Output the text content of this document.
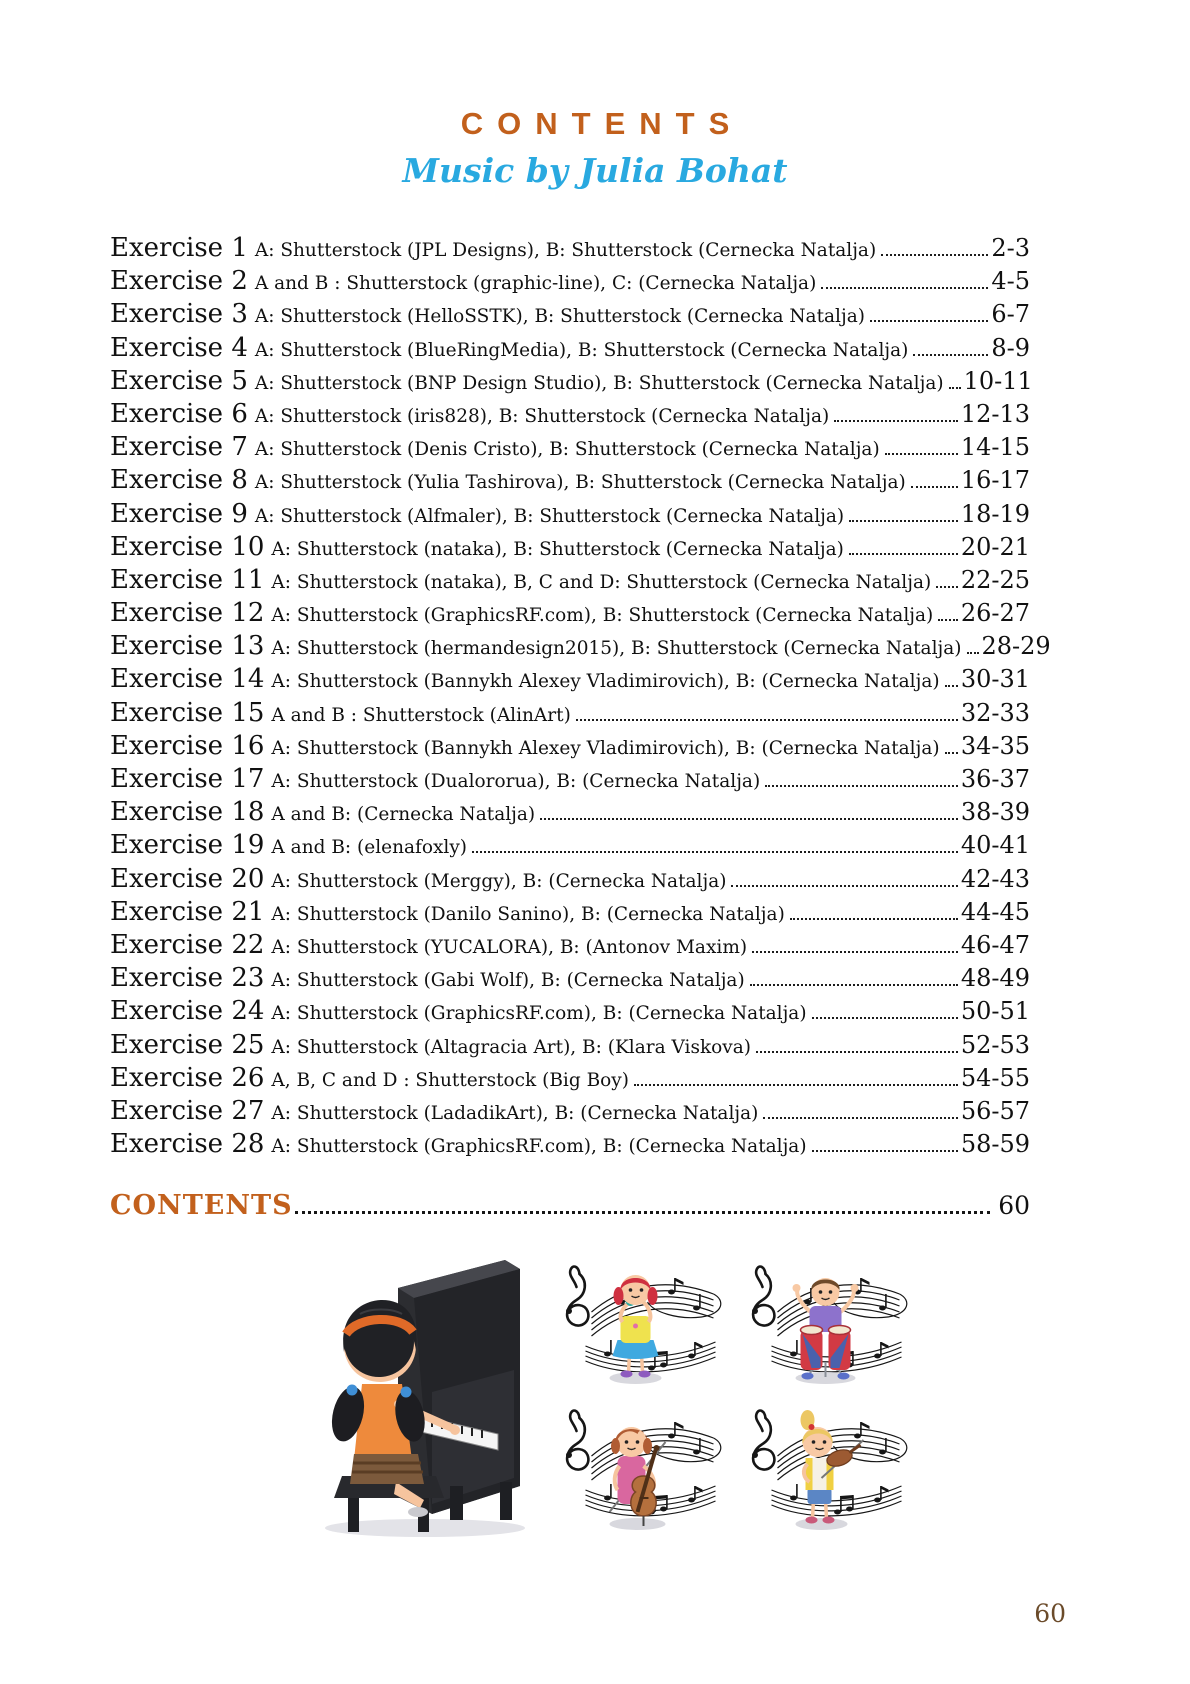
CONTENTS
Music by Julia Bohat
Exercise 1 A: Shutterstock (JPL Designs), B: Shutterstock (Cernecka Natalja)	2-3
Exercise 2 A and B : Shutterstock (graphic-line), C: (Cernecka Natalja)	4-5
Exercise 3 A: Shutterstock (HelloSSTK), B: Shutterstock (Cernecka Natalja)	6-7
Exercise 4 A: Shutterstock (BlueRingMedia), B: Shutterstock (Cernecka Natalja)	8-9
Exercise 5 A: Shutterstock (BNP Design Studio), B: Shutterstock (Cernecka Natalja) 10-11
Exercise 6 A: Shutterstock (iris828), B: Shutterstock (Cernecka Natalja)	12-13
Exercise 7 A: Shutterstock (Denis Cristo), B: Shutterstock (Cernecka Natalja)	14-15
Exercise 8 A: Shutterstock (Yulia Tashirova), B: Shutterstock (Cernecka Natalja) 16-17
Exercise 9 A: Shutterstock (Alfmaler), B: Shutterstock (Cernecka Natalja)	18-19
Exercise 10 A: Shutterstock (nataka), B: Shutterstock (Cernecka Natalja)	20-21
Exercise 11 A: Shutterstock (nataka), B, C and D: Shutterstock (Cernecka Natalja) 22-25
Exercise 12 A: Shutterstock (GraphicsRF.com), B: Shutterstock (Cernecka Natalja) 26-27
Exercise 13 A: Shutterstock (hermandesign2015), B: Shutterstock (Cernecka Natalja) 28-29
Exercise 14 A: Shutterstock (Bannykh Alexey Vladimirovich), B: (Cernecka Natalja) 30-31
Exercise 15 A and B : Shutterstock (AlinArt)	32-33
Exercise 16 A: Shutterstock (Bannykh Alexey Vladimirovich), B: (Cernecka Natalja) 34-35
Exercise 17 A: Shutterstock (Dualororua), B: (Cernecka Natalja)	36-37
Exercise 18 A and B: (Cernecka Natalja)	38-39
Exercise 19 A and B: (elenafoxly)	40-41
Exercise 20 A: Shutterstock (Merggy), B: (Cernecka Natalja)	42-43
Exercise 21 A: Shutterstock (Danilo Sanino), B: (Cernecka Natalja)	44-45
Exercise 22 A: Shutterstock (YUCALORA), B: (Antonov Maxim)	46-47
Exercise 23 A: Shutterstock (Gabi Wolf), B: (Cernecka Natalja)	48-49
Exercise 24 A: Shutterstock (GraphicsRF.com), B: (Cernecka Natalja)	50-51
Exercise 25 A: Shutterstock (Altagracia Art), B: (Klara Viskova)	52-53
Exercise 26 A, B, C and D : Shutterstock (Big Boy)	54-55
Exercise 27 A: Shutterstock (LadadikArt), B: (Cernecka Natalja)	56-57
Exercise 28 A: Shutterstock (GraphicsRF.com), B: (Cernecka Natalja)	58-59
CONTENTS	60
60
